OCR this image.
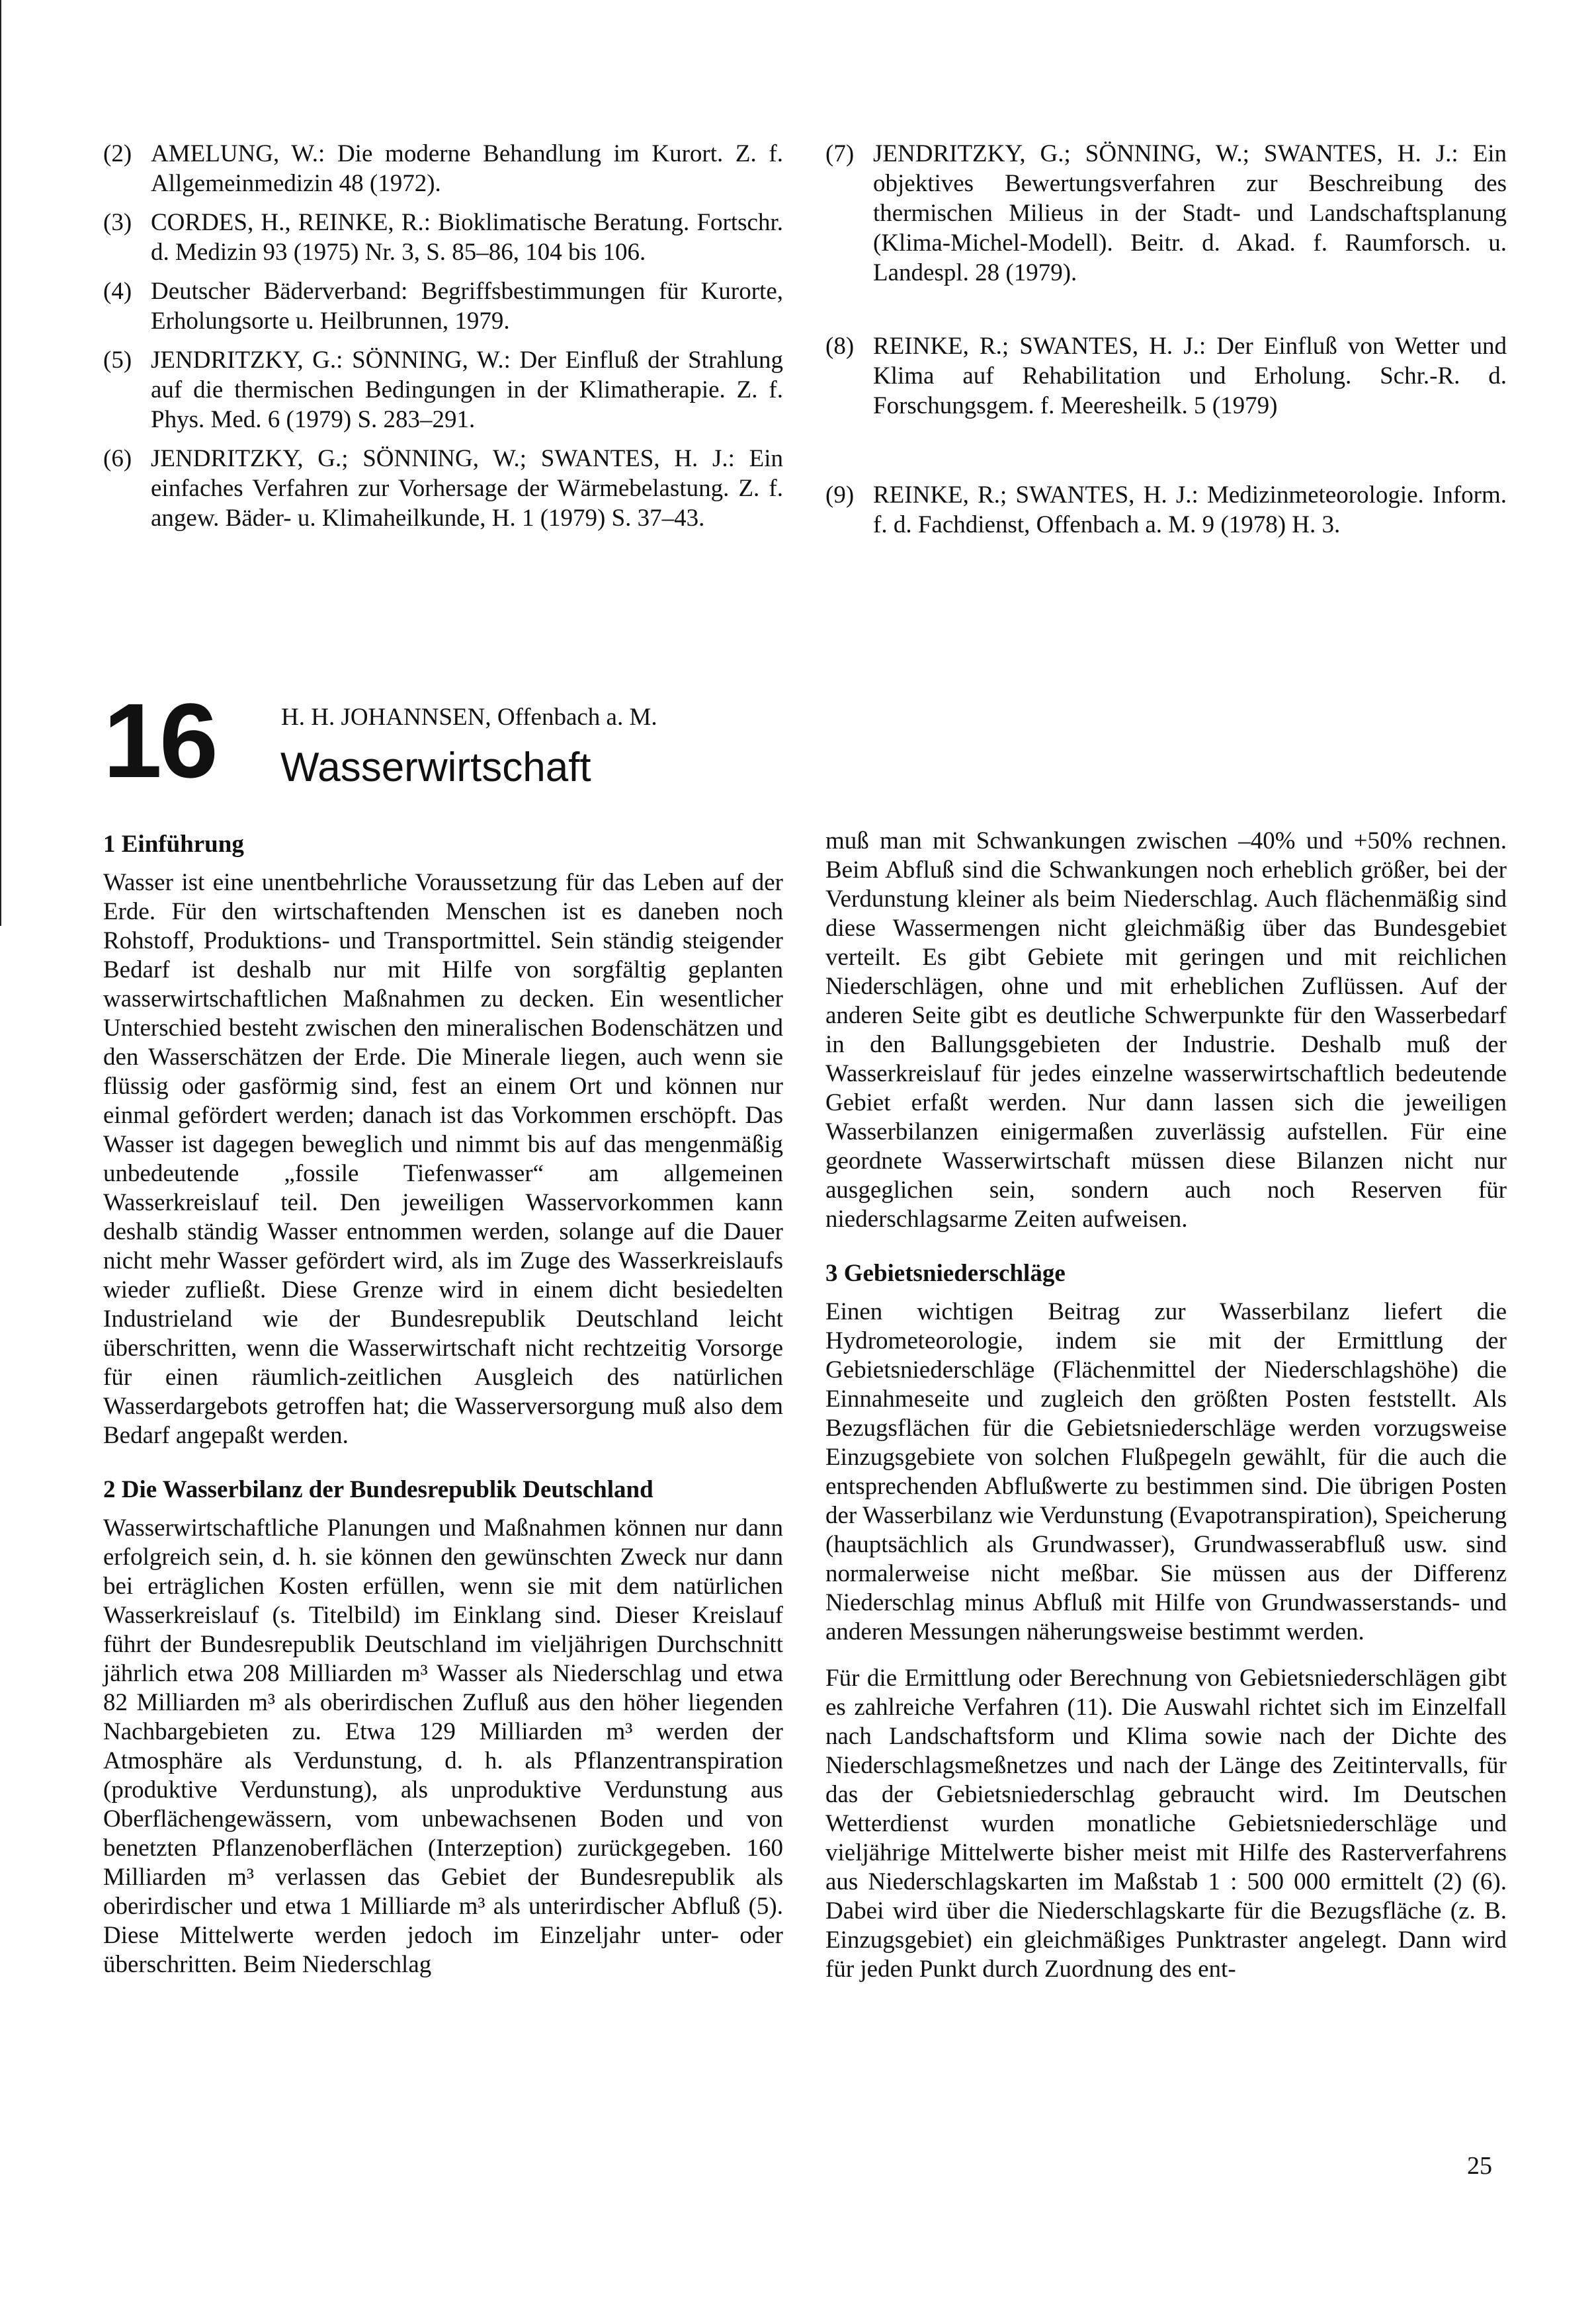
(2) AMELUNG, W.: Die moderne Behandlung im Kurort. Z. f. Allgemeinmedizin 48 (1972).
(3) CORDES, H., REINKE, R.: Bioklimatische Beratung. Fortschr. d. Medizin 93 (1975) Nr. 3, S. 85–86, 104 bis 106.
(4) Deutscher Bäderverband: Begriffsbestimmungen für Kurorte, Erholungsorte u. Heilbrunnen, 1979.
(5) JENDRITZKY, G.: SÖNNING, W.: Der Einfluß der Strahlung auf die thermischen Bedingungen in der Klimatherapie. Z. f. Phys. Med. 6 (1979) S. 283–291.
(6) JENDRITZKY, G.; SÖNNING, W.; SWANTES, H. J.: Ein einfaches Verfahren zur Vorhersage der Wärmebelastung. Z. f. angew. Bäder- u. Klimaheilkunde, H. 1 (1979) S. 37–43.
(7) JENDRITZKY, G.; SÖNNING, W.; SWANTES, H. J.: Ein objektives Bewertungsverfahren zur Beschreibung des thermischen Milieus in der Stadt- und Landschaftsplanung (Klima-Michel-Modell). Beitr. d. Akad. f. Raumforsch. u. Landespl. 28 (1979).
(8) REINKE, R.; SWANTES, H. J.: Der Einfluß von Wetter und Klima auf Rehabilitation und Erholung. Schr.-R. d. Forschungsgem. f. Meeresheilk. 5 (1979)
(9) REINKE, R.; SWANTES, H. J.: Medizinmeteorologie. Inform. f. d. Fachdienst, Offenbach a. M. 9 (1978) H. 3.
16	H. H. JOHANNSEN, Offenbach a. M.
Wasserwirtschaft
1 Einführung

Wasser ist eine unentbehrliche Voraussetzung für das Leben auf der Erde. Für den wirtschaftenden Menschen ist es daneben noch Rohstoff, Produktions- und Transportmittel. Sein ständig steigender Bedarf ist deshalb nur mit Hilfe von sorgfältig geplanten wasserwirtschaftlichen Maßnahmen zu decken. Ein wesentlicher Unterschied besteht zwischen den mineralischen Bodenschätzen und den Wasserschätzen der Erde. Die Minerale liegen, auch wenn sie flüssig oder gasförmig sind, fest an einem Ort und können nur einmal gefördert werden; danach ist das Vorkommen erschöpft. Das Wasser ist dagegen beweglich und nimmt bis auf das mengenmäßig unbedeutende „fossile Tiefenwasser“ am allgemeinen Wasserkreislauf teil. Den jeweiligen Wasservorkommen kann deshalb ständig Wasser entnommen werden, solange auf die Dauer nicht mehr Wasser gefördert wird, als im Zuge des Wasserkreislaufs wieder zufließt. Diese Grenze wird in einem dicht besiedelten Industrieland wie der Bundesrepublik Deutschland leicht überschritten, wenn die Wasserwirtschaft nicht rechtzeitig Vorsorge für einen räumlich-zeitlichen Ausgleich des natürlichen Wasserdargebots getroffen hat; die Wasserversorgung muß also dem Bedarf angepaßt werden.

2 Die Wasserbilanz der Bundesrepublik Deutschland

Wasserwirtschaftliche Planungen und Maßnahmen können nur dann erfolgreich sein, d. h. sie können den gewünschten Zweck nur dann bei erträglichen Kosten erfüllen, wenn sie mit dem natürlichen Wasserkreislauf (s. Titelbild) im Einklang sind. Dieser Kreislauf führt der Bundesrepublik Deutschland im vieljährigen Durchschnitt jährlich etwa 208 Milliarden m³ Wasser als Niederschlag und etwa 82 Milliarden m³ als oberirdischen Zufluß aus den höher liegenden Nachbargebieten zu. Etwa 129 Milliarden m³ werden der Atmosphäre als Verdunstung, d. h. als Pflanzentranspiration (produktive Verdunstung), als unproduktive Verdunstung aus Oberflächengewässern, vom unbewachsenen Boden und von benetzten Pflanzenoberflächen (Interzeption) zurückgegeben. 160 Milliarden m³ verlassen das Gebiet der Bundesrepublik als oberirdischer und etwa 1 Milliarde m³ als unterirdischer Abfluß (5). Diese Mittelwerte werden jedoch im Einzeljahr unter- oder überschritten. Beim Niederschlag

muß man mit Schwankungen zwischen –40% und +50% rechnen. Beim Abfluß sind die Schwankungen noch erheblich größer, bei der Verdunstung kleiner als beim Niederschlag. Auch flächenmäßig sind diese Wassermengen nicht gleichmäßig über das Bundesgebiet verteilt. Es gibt Gebiete mit geringen und mit reichlichen Niederschlägen, ohne und mit erheblichen Zuflüssen. Auf der anderen Seite gibt es deutliche Schwerpunkte für den Wasserbedarf in den Ballungsgebieten der Industrie. Deshalb muß der Wasserkreislauf für jedes einzelne wasserwirtschaftlich bedeutende Gebiet erfaßt werden. Nur dann lassen sich die jeweiligen Wasserbilanzen einigermaßen zuverlässig aufstellen. Für eine geordnete Wasserwirtschaft müssen diese Bilanzen nicht nur ausgeglichen sein, sondern auch noch Reserven für niederschlagsarme Zeiten aufweisen.

3 Gebietsniederschläge

Einen wichtigen Beitrag zur Wasserbilanz liefert die Hydrometeorologie, indem sie mit der Ermittlung der Gebietsniederschläge (Flächenmittel der Niederschlagshöhe) die Einnahmeseite und zugleich den größten Posten feststellt. Als Bezugsflächen für die Gebietsniederschläge werden vorzugsweise Einzugsgebiete von solchen Flußpegeln gewählt, für die auch die entsprechenden Abflußwerte zu bestimmen sind. Die übrigen Posten der Wasserbilanz wie Verdunstung (Evapotranspiration), Speicherung (hauptsächlich als Grundwasser), Grundwasserabfluß usw. sind normalerweise nicht meßbar. Sie müssen aus der Differenz Niederschlag minus Abfluß mit Hilfe von Grundwasserstands- und anderen Messungen näherungsweise bestimmt werden.

Für die Ermittlung oder Berechnung von Gebietsniederschlägen gibt es zahlreiche Verfahren (11). Die Auswahl richtet sich im Einzelfall nach Landschaftsform und Klima sowie nach der Dichte des Niederschlagsmeßnetzes und nach der Länge des Zeitintervalls, für das der Gebietsniederschlag gebraucht wird. Im Deutschen Wetterdienst wurden monatliche Gebietsniederschläge und vieljährige Mittelwerte bisher meist mit Hilfe des Rasterverfahrens aus Niederschlagskarten im Maßstab 1 : 500 000 ermittelt (2) (6). Dabei wird über die Niederschlagskarte für die Bezugsfläche (z. B. Einzugsgebiet) ein gleichmäßiges Punktraster angelegt. Dann wird für jeden Punkt durch Zuordnung des ent-

25
